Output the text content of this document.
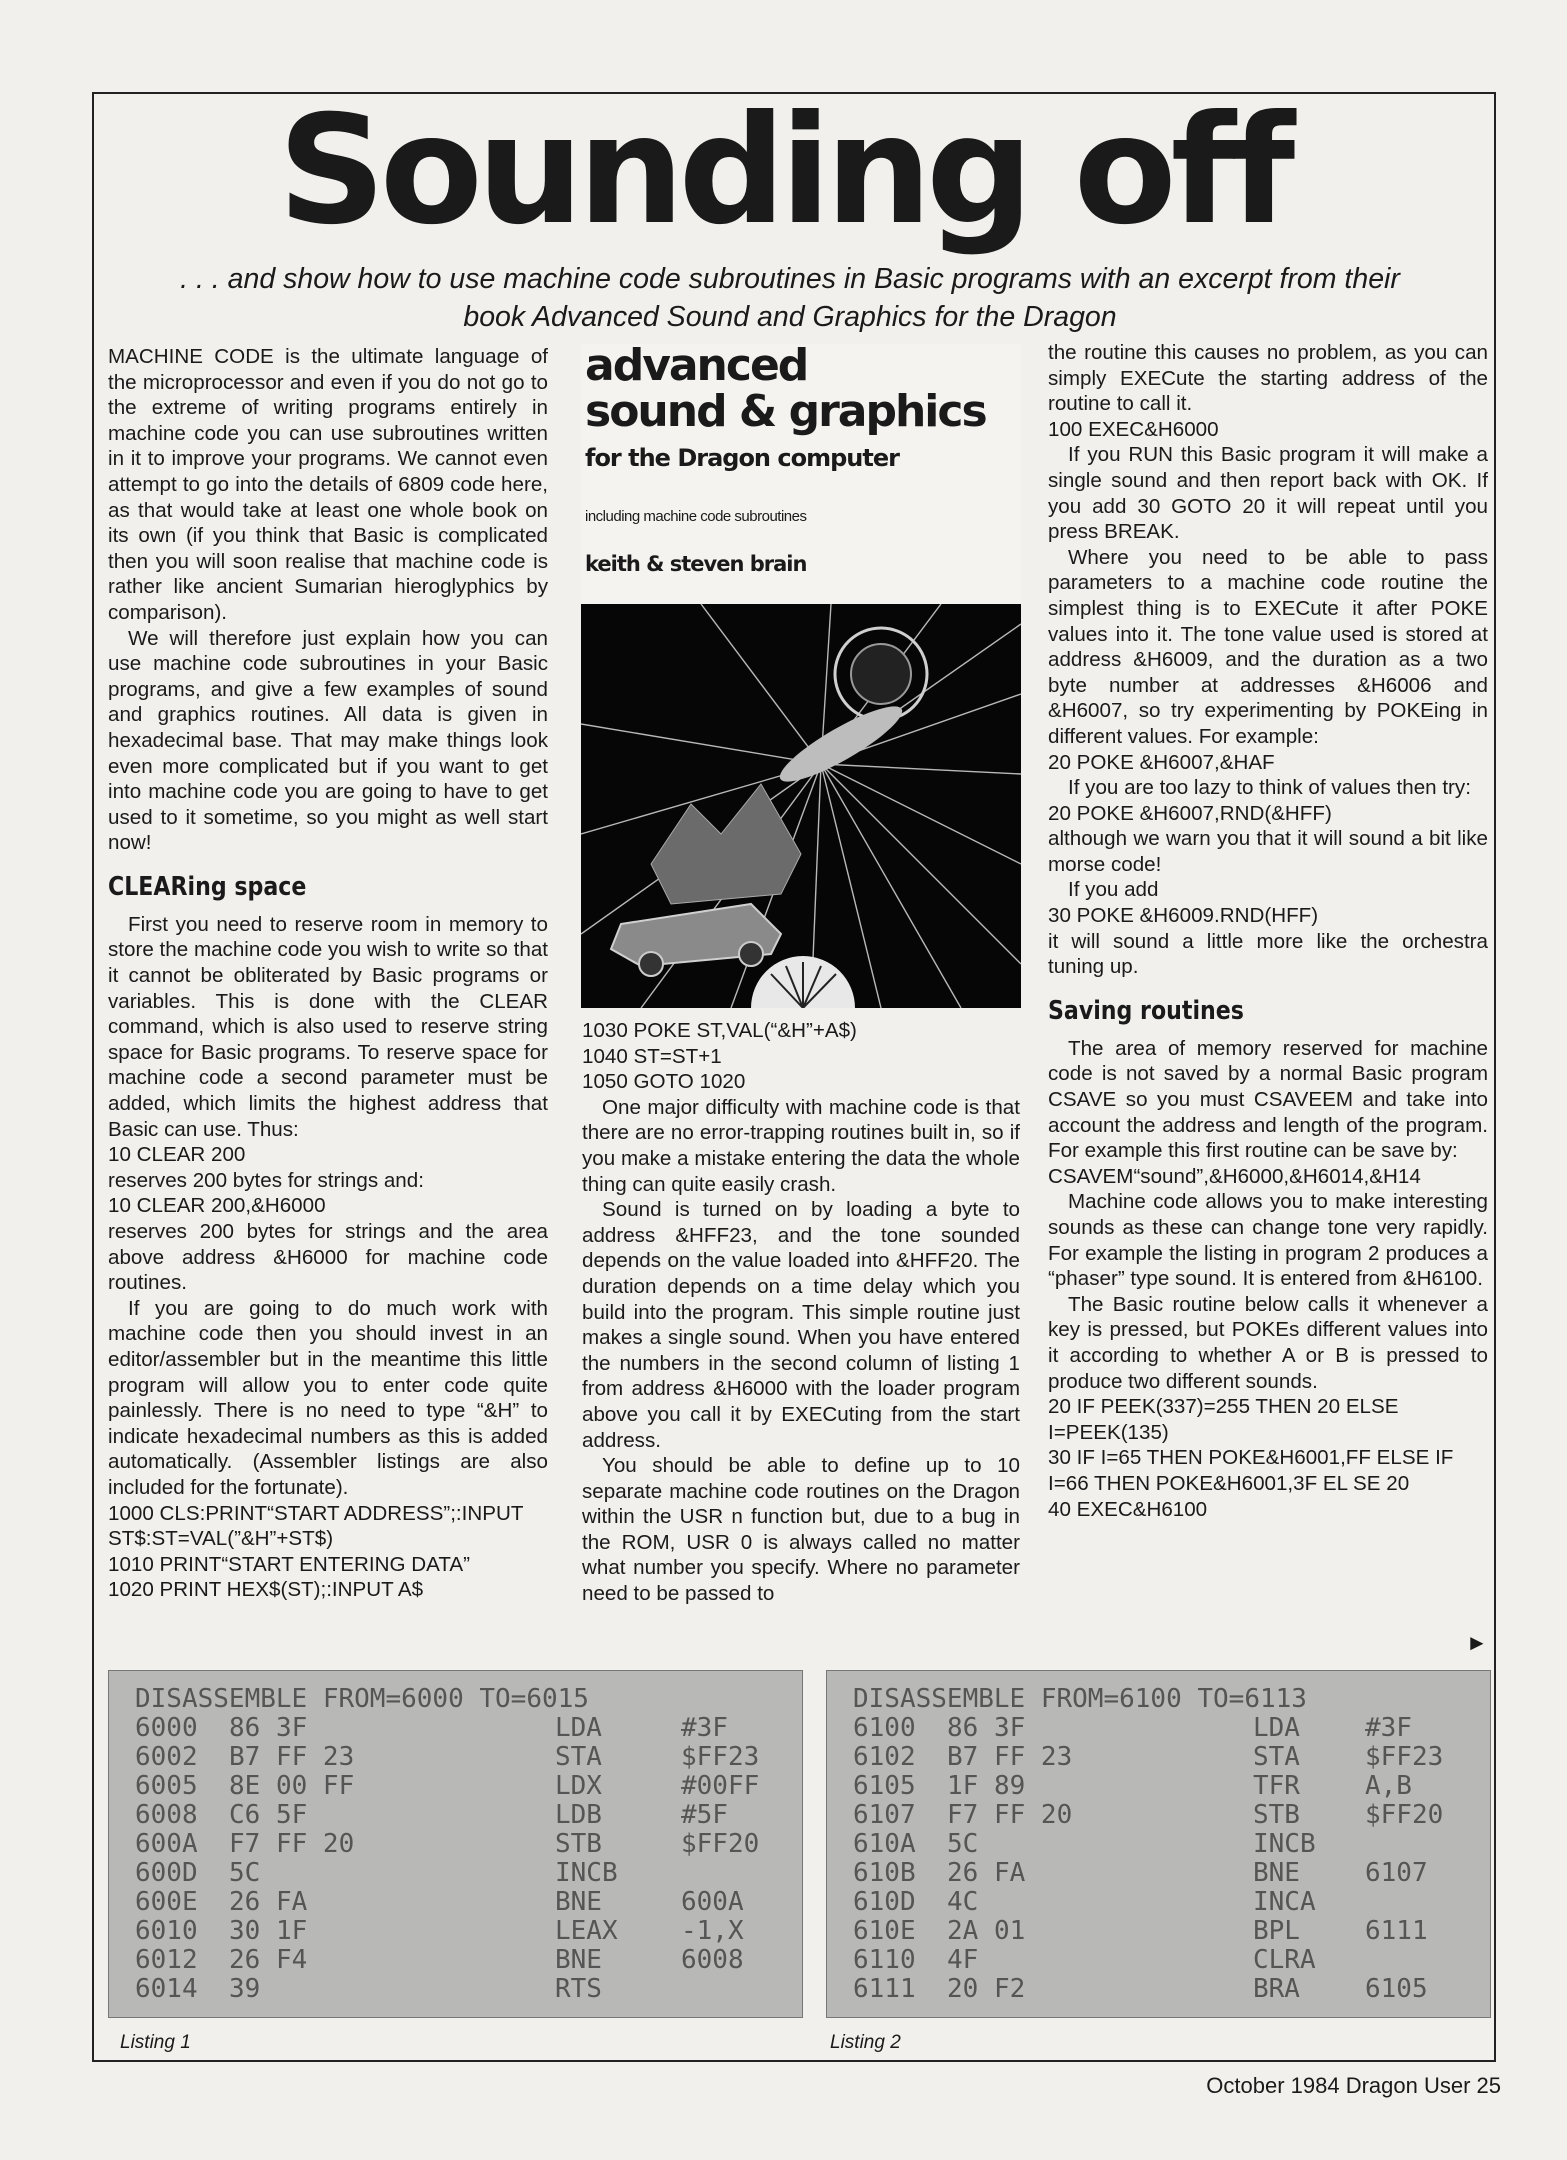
Sounding off
. . . and show how to use machine code subroutines in Basic programs with an excerpt from their book Advanced Sound and Graphics for the Dragon

MACHINE CODE is the ultimate language of the microprocessor and even if you do not go to the extreme of writing programs entirely in machine code you can use subroutines written in it to improve your programs. We cannot even attempt to go into the details of 6809 code here, as that would take at least one whole book on its own (if you think that Basic is complicated then you will soon realise that machine code is rather like ancient Sumarian hieroglyphics by comparison).

We will therefore just explain how you can use machine code subroutines in your Basic programs, and give a few examples of sound and graphics routines. All data is given in hexadecimal base. That may make things look even more complicated but if you want to get into machine code you are going to have to get used to it sometime, so you might as well start now!

CLEARing space

First you need to reserve room in memory to store the machine code you wish to write so that it cannot be obliterated by Basic programs or variables. This is done with the CLEAR command, which is also used to reserve string space for Basic programs. To reserve space for machine code a second parameter must be added, which limits the highest address that Basic can use. Thus:

10 CLEAR 200

reserves 200 bytes for strings and:

10 CLEAR 200,&H6000

reserves 200 bytes for strings and the area above address &H6000 for machine code routines.

If you are going to do much work with machine code then you should invest in an editor/assembler but in the meantime this little program will allow you to enter code quite painlessly. There is no need to type “&H” to indicate hexadecimal numbers as this is added automatically. (Assembler listings are also included for the fortunate).

1000 CLS:PRINT“START ADDRESS”;:INPUT ST$:ST=VAL(”&H”+ST$)

1010 PRINT“START ENTERING DATA”

1020 PRINT HEX$(ST);:INPUT A$

advanced
sound & graphics
for the Dragon computer
including machine code subroutines
keith & steven brain

1030 POKE ST,VAL(“&H”+A$)

1040 ST=ST+1

1050 GOTO 1020

One major difficulty with machine code is that there are no error-trapping routines built in, so if you make a mistake entering the data the whole thing can quite easily crash.

Sound is turned on by loading a byte to address &HFF23, and the tone sounded depends on the value loaded into &HFF20. The duration depends on a time delay which you build into the program. This simple routine just makes a single sound. When you have entered the numbers in the second column of listing 1 from address &H6000 with the loader program above you call it by EXECuting from the start address.

You should be able to define up to 10 separate machine code routines on the Dragon within the USR n function but, due to a bug in the ROM, USR 0 is always called no matter what number you specify. Where no parameter need to be passed to

the routine this causes no problem, as you can simply EXECute the starting address of the routine to call it.

100 EXEC&H6000

If you RUN this Basic program it will make a single sound and then report back with OK. If you add 30 GOTO 20 it will repeat until you press BREAK.

Where you need to be able to pass parameters to a machine code routine the simplest thing is to EXECute it after POKE values into it. The tone value used is stored at address &H6009, and the duration as a two byte number at addresses &H6006 and &H6007, so try experimenting by POKEing in different values. For example:

20 POKE &H6007,&HAF

If you are too lazy to think of values then try:

20 POKE &H6007,RND(&HFF)

although we warn you that it will sound a bit like morse code!

If you add

30 POKE &H6009.RND(HFF)

it will sound a little more like the orchestra tuning up.

Saving routines

The area of memory reserved for machine code is not saved by a normal Basic program CSAVE so you must CSAVEEM and take into account the address and length of the program. For example this first routine can be save by:

CSAVEM“sound”,&H6000,&H6014,&H14

Machine code allows you to make interesting sounds as these can change tone very rapidly. For example the listing in program 2 produces a “phaser” type sound. It is entered from &H6100.

The Basic routine below calls it whenever a key is pressed, but POKEs different values into it according to whether A or B is pressed to produce two different sounds.

20 IF PEEK(337)=255 THEN 20 ELSE I=PEEK(135)

30 IF I=65 THEN POKE&H6001,FF ELSE IF I=66 THEN POKE&H6001,3F EL SE 20

40 EXEC&H6100

►
DISASSEMBLE FROM=6000 TO=6015
6000 86 3F	LDA	#3F
6002 B7 FF 23	STA	$FF23
6005 8E 00 FF	LDX	#00FF
6008 C6 5F	LDB	#5F
600A F7 FF 20	STB	$FF20
600D 5C	INCB
600E 26 FA	BNE	600A
6010 30 1F	LEAX -1,X
6012 26 F4	BNE	6008
6014 39	RTS
Listing 1
DISASSEMBLE FROM=6100 TO=6113
6100 86 3F	LDA	#3F
6102 B7 FF 23	STA	$FF23
6105 1F 89	TFR	A,B
6107 F7 FF 20	STB	$FF20
610A 5C	INCB
610B 26 FA	BNE	6107
610D 4C	INCA
610E 2A 01	BPL	6111
6110 4F	CLRA
6111 20 F2	BRA	6105
Listing 2
October 1984 Dragon User 25
